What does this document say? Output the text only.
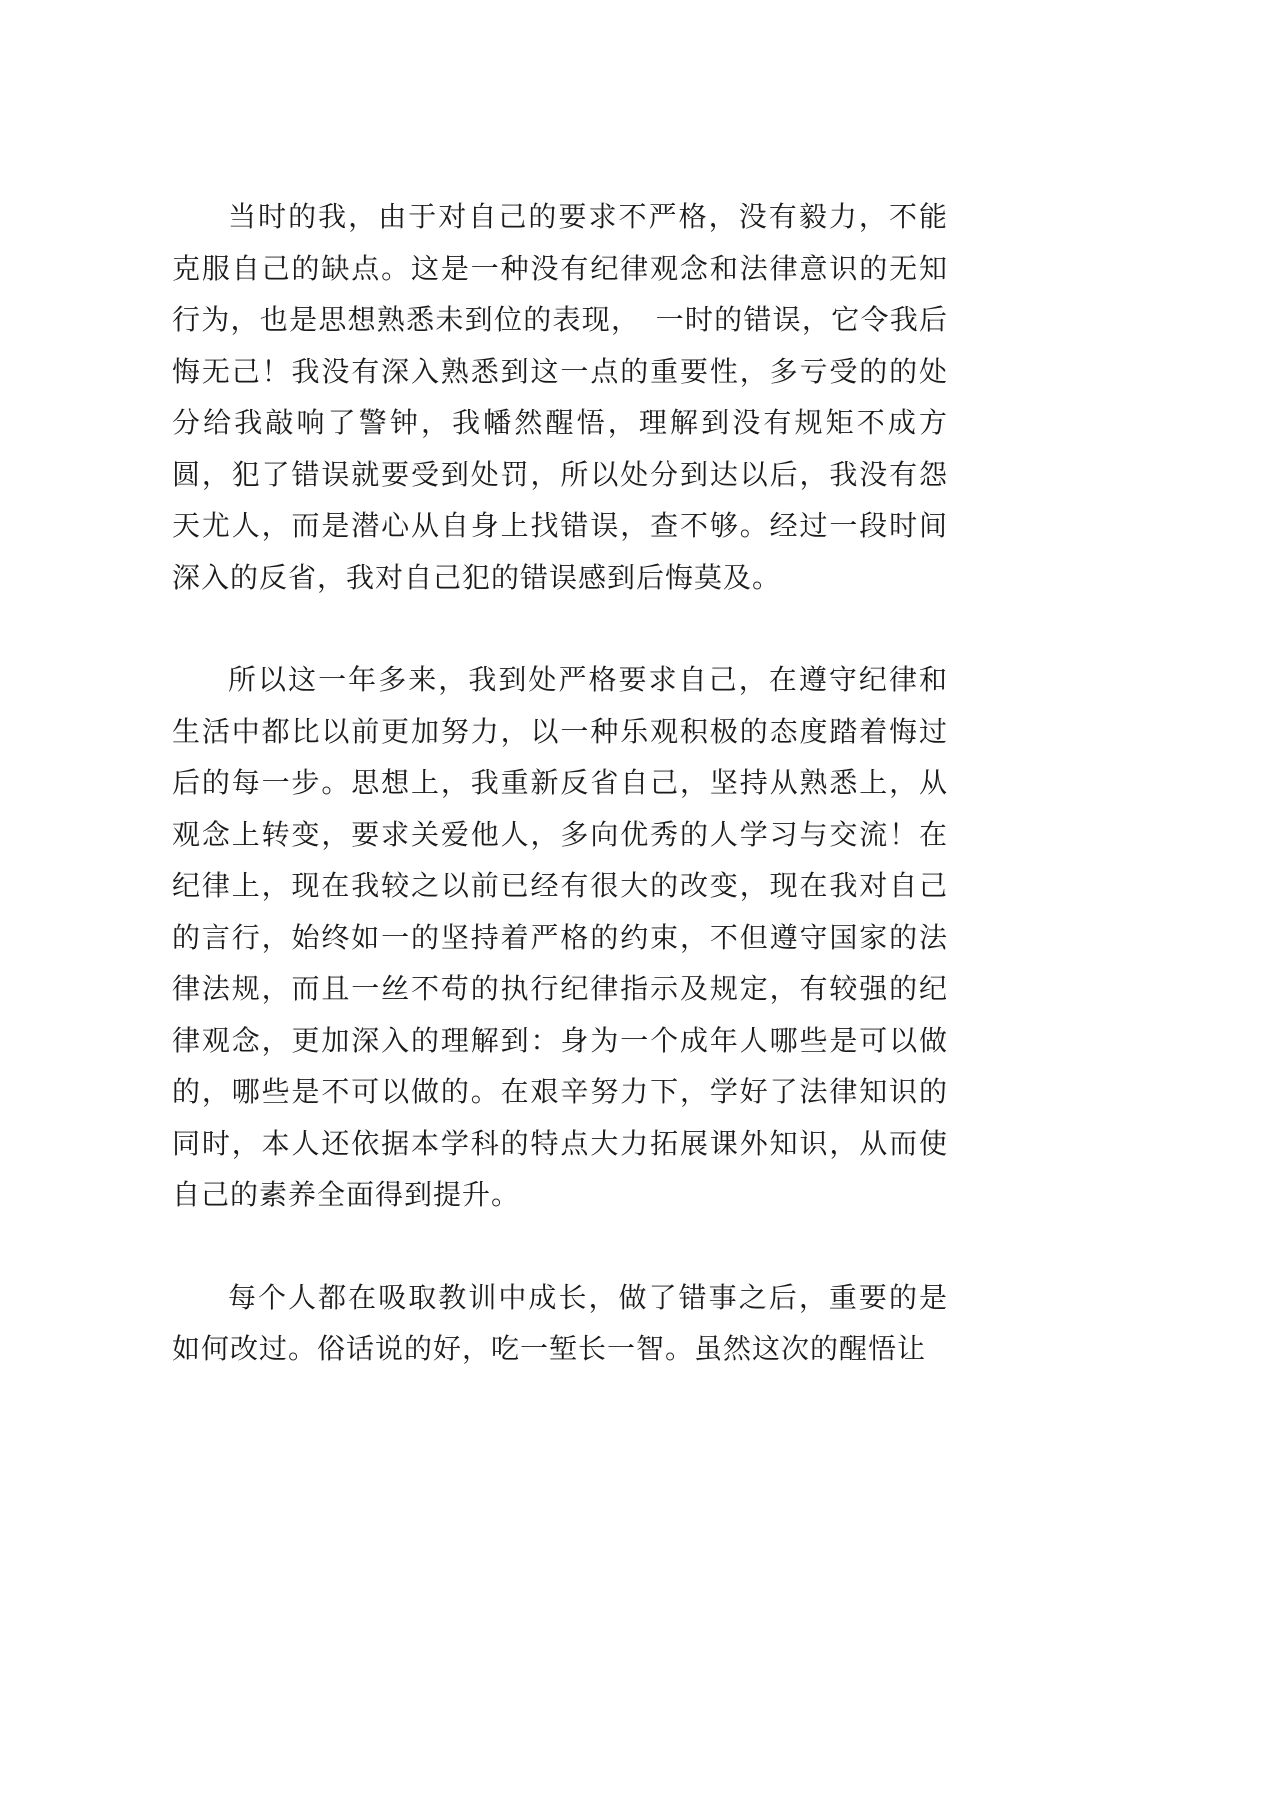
当时的我，由于对自己的要求不严格，没有毅力，不能克服自己的缺点。这是一种没有纪律观念和法律意识的无知行为，也是思想熟悉未到位的表现，　一时的错误，它令我后悔无己！我没有深入熟悉到这一点的重要性，多亏受的的处分给我敲响了警钟，我幡然醒悟，理解到没有规矩不成方圆，犯了错误就要受到处罚，所以处分到达以后，我没有怨天尤人，而是潜心从自身上找错误，查不够。经过一段时间深入的反省，我对自己犯的错误感到后悔莫及。

所以这一年多来，我到处严格要求自己，在遵守纪律和生活中都比以前更加努力，以一种乐观积极的态度踏着悔过后的每一步。思想上，我重新反省自己，坚持从熟悉上，从观念上转变，要求关爱他人，多向优秀的人学习与交流！在纪律上，现在我较之以前已经有很大的改变，现在我对自己的言行，始终如一的坚持着严格的约束，不但遵守国家的法律法规，而且一丝不苟的执行纪律指示及规定，有较强的纪律观念，更加深入的理解到：身为一个成年人哪些是可以做的，哪些是不可以做的。在艰辛努力下，学好了法律知识的同时，本人还依据本学科的特点大力拓展课外知识，从而使自己的素养全面得到提升。

每个人都在吸取教训中成长，做了错事之后，重要的是如何改过。俗话说的好，吃一堑长一智。虽然这次的醒悟让
